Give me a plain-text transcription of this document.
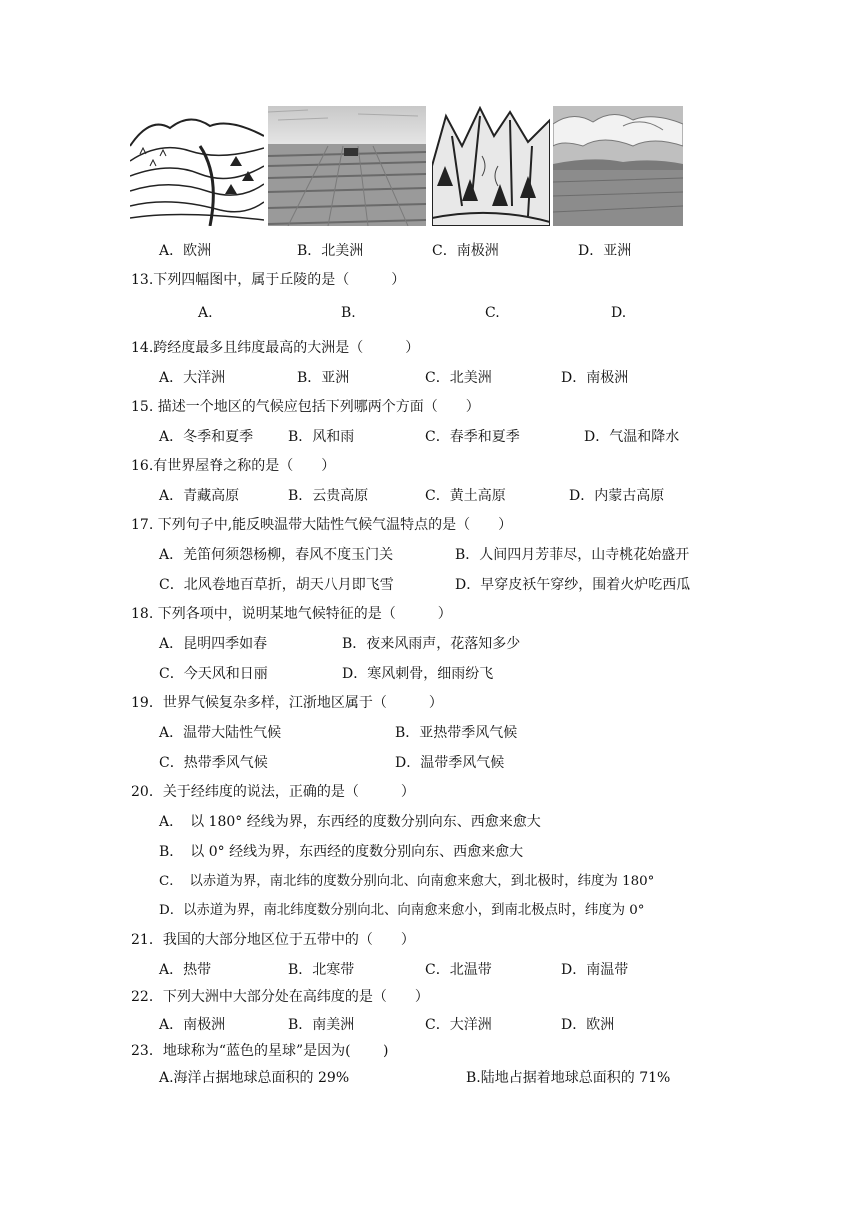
A．欧洲	B．北美洲	C．南极洲	D．亚洲
13.下列四幅图中，属于丘陵的是（　　　）
A.	B.	C.	D.
14.跨经度最多且纬度最高的大洲是（　　　）
A．大洋洲	B．亚洲	C．北美洲	D．南极洲
15. 描述一个地区的气候应包括下列哪两个方面（　　）
A．冬季和夏季 B．风和雨	C．春季和夏季	D．气温和降水
16.有世界屋脊之称的是（　　）
A．青藏高原	B．云贵高原	C．黄土高原	D．内蒙古高原
17. 下列句子中,能反映温带大陆性气候气温特点的是（　　）
A．羌笛何须怨杨柳，春风不度玉门关	B．人间四月芳菲尽，山寺桃花始盛开
C．北风卷地百草折，胡天八月即飞雪	D．早穿皮袄午穿纱，围着火炉吃西瓜
18. 下列各项中，说明某地气候特征的是（　　　）
A．昆明四季如春	B．夜来风雨声，花落知多少
C．今天风和日丽	D．寒风刺骨，细雨纷飞
19．世界气候复杂多样，江浙地区属于（　　　）
A．温带大陆性气候	B．亚热带季风气候
C．热带季风气候	D．温带季风气候
20．关于经纬度的说法，正确的是（　　　）
A．　以 180° 经线为界，东西经的度数分别向东、西愈来愈大
B．　以 0° 经线为界，东西经的度数分别向东、西愈来愈大
C．　以赤道为界，南北纬的度数分别向北、向南愈来愈大，到北极时，纬度为 180°
D．以赤道为界，南北纬度数分别向北、向南愈来愈小，到南北极点时，纬度为 0°
21．我国的大部分地区位于五带中的（　　）
A．热带	B．北寒带	C．北温带	D．南温带
22．下列大洲中大部分处在高纬度的是（　　）
A．南极洲	B．南美洲	C．大洋洲	D．欧洲
23．地球称为“蓝色的星球”是因为(　　 )
A.海洋占据地球总面积的 29%	B.陆地占据着地球总面积的 71%
